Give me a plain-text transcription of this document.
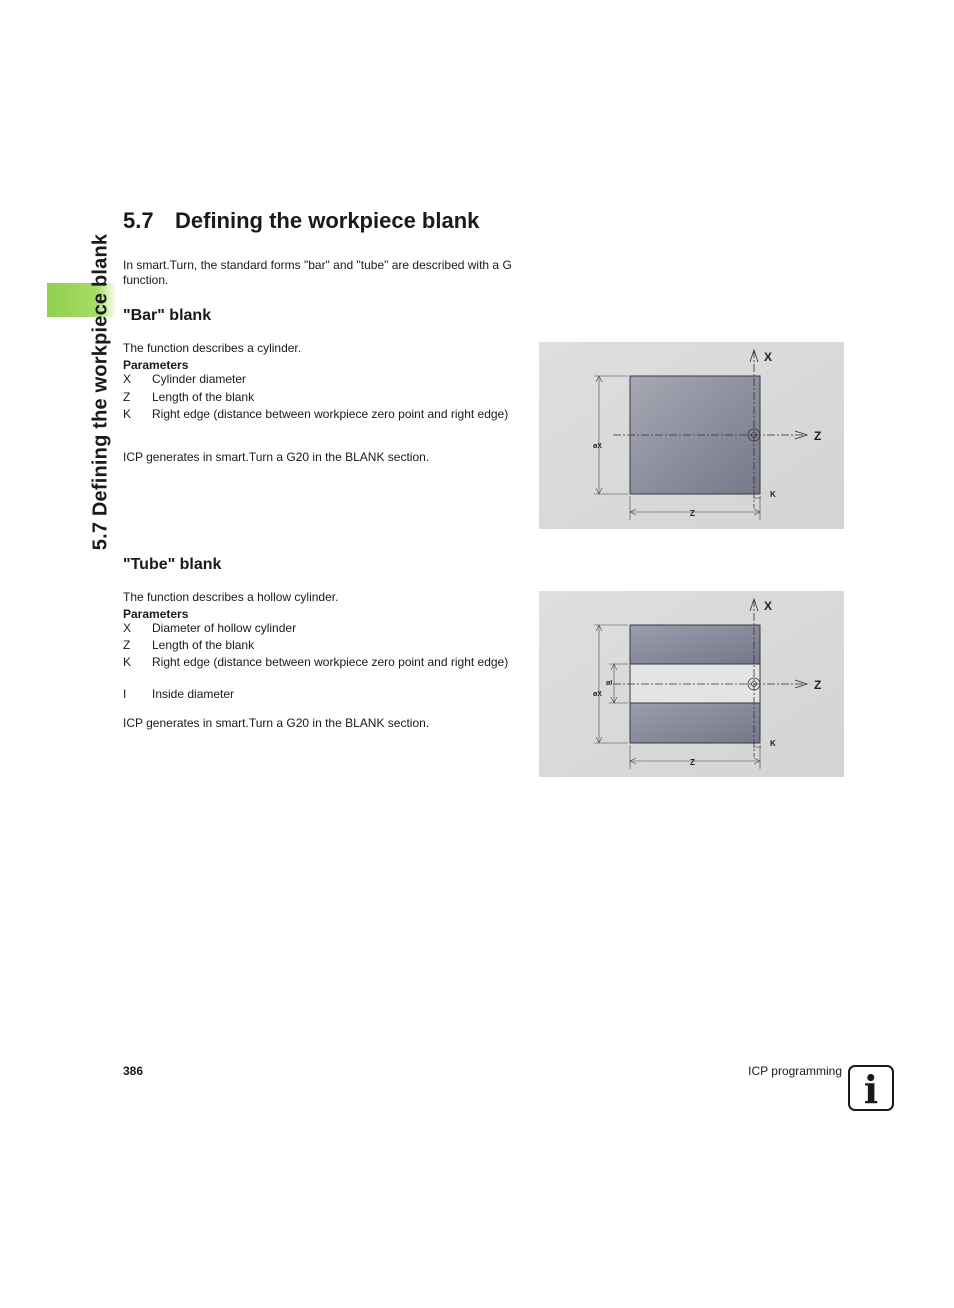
5.7 Defining the workpiece blank
5.7 Defining the workpiece blank

In smart.Turn, the standard forms "bar" and "tube" are described with a G function.

"Bar" blank

The function describes a cylinder.

Parameters
X	Cylinder diameter
Z	Length of the blank
K	Right edge (distance between workpiece zero point and right edge)

ICP generates in smart.Turn a G20 in the BLANK section.

X
Z
øX
Z
K
"Tube" blank

The function describes a hollow cylinder.

Parameters
X	Diameter of hollow cylinder
Z	Length of the blank
K	Right edge (distance between workpiece zero point and right edge)
I	Inside diameter

ICP generates in smart.Turn a G20 in the BLANK section.

X
Z
øX
øI
Z
K
386	ICP programming i
